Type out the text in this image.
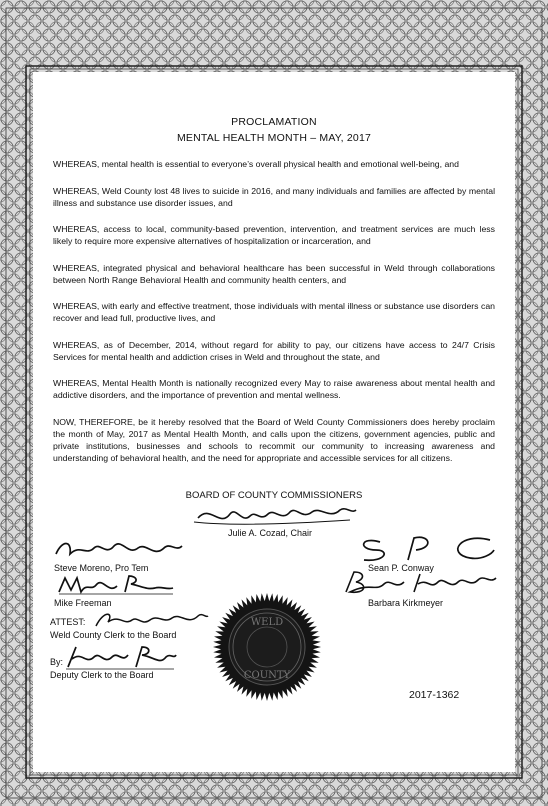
PROCLAMATION
MENTAL HEALTH MONTH – MAY, 2017

WHEREAS, mental health is essential to everyone’s overall physical health and emotional well-being, and

WHEREAS, Weld County lost 48 lives to suicide in 2016, and many individuals and families are affected by mental illness and substance use disorder issues, and

WHEREAS, access to local, community-based prevention, intervention, and treatment services are much less likely to require more expensive alternatives of hospitalization or incarceration, and

WHEREAS, integrated physical and behavioral healthcare has been successful in Weld through collaborations between North Range Behavioral Health and community health centers, and

WHEREAS, with early and effective treatment, those individuals with mental illness or substance use disorders can recover and lead full, productive lives, and

WHEREAS, as of December, 2014, without regard for ability to pay, our citizens have access to 24/7 Crisis Services for mental health and addiction crises in Weld and throughout the state, and

WHEREAS, Mental Health Month is nationally recognized every May to raise awareness about mental health and addictive disorders, and the importance of prevention and mental wellness.

NOW, THEREFORE, be it hereby resolved that the Board of Weld County Commissioners does hereby proclaim the month of May, 2017 as Mental Health Month, and calls upon the citizens, government agencies, public and private institutions, businesses and schools to recommit our community to increasing awareness and understanding of behavioral health, and the need for appropriate and accessible services for all citizens.

BOARD OF COUNTY COMMISSIONERS
Julie A. Cozad, Chair
Steve Moreno, Pro Tem	Sean P. Conway
Mike Freeman	Barbara Kirkmeyer
ATTEST:
Weld County Clerk to the Board
By:
Deputy Clerk to the Board
WELD
COUNTY
2017-1362
